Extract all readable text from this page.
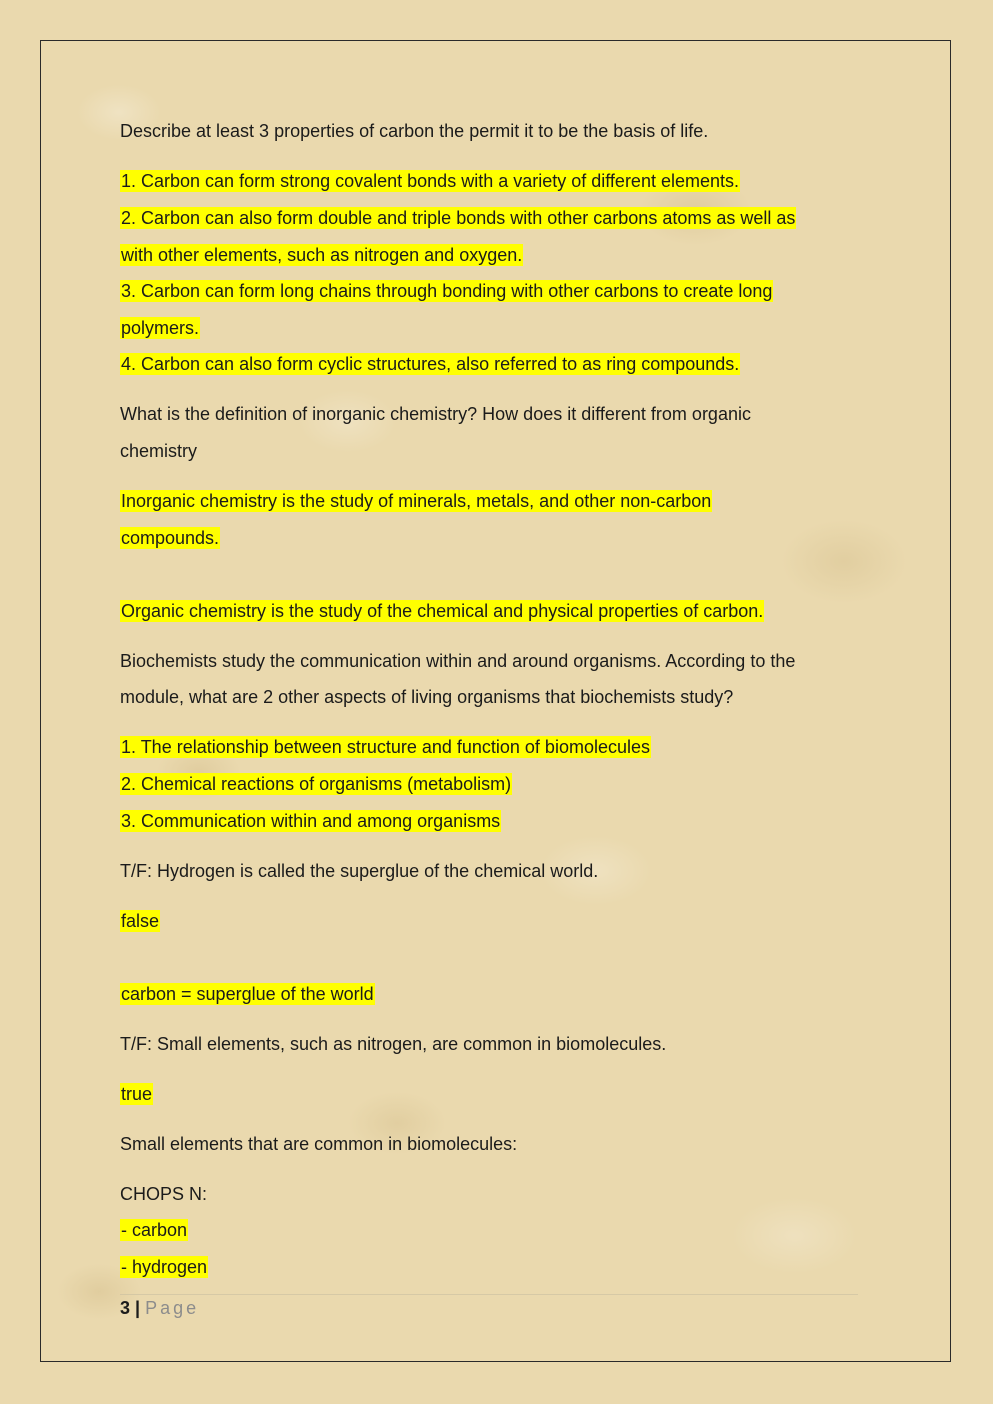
Describe at least 3 properties of carbon the permit it to be the basis of life.
1. Carbon can form strong covalent bonds with a variety of different elements.
2. Carbon can also form double and triple bonds with other carbons atoms as well as
with other elements, such as nitrogen and oxygen.
3. Carbon can form long chains through bonding with other carbons to create long
polymers.
4. Carbon can also form cyclic structures, also referred to as ring compounds.
What is the definition of inorganic chemistry? How does it different from organic
chemistry
Inorganic chemistry is the study of minerals, metals, and other non-carbon
compounds.
Organic chemistry is the study of the chemical and physical properties of carbon.
Biochemists study the communication within and around organisms. According to the
module, what are 2 other aspects of living organisms that biochemists study?
1. The relationship between structure and function of biomolecules
2. Chemical reactions of organisms (metabolism)
3. Communication within and among organisms
T/F: Hydrogen is called the superglue of the chemical world.
false
carbon = superglue of the world
T/F: Small elements, such as nitrogen, are common in biomolecules.
true
Small elements that are common in biomolecules:
CHOPS N:
- carbon
- hydrogen
3 | Page
